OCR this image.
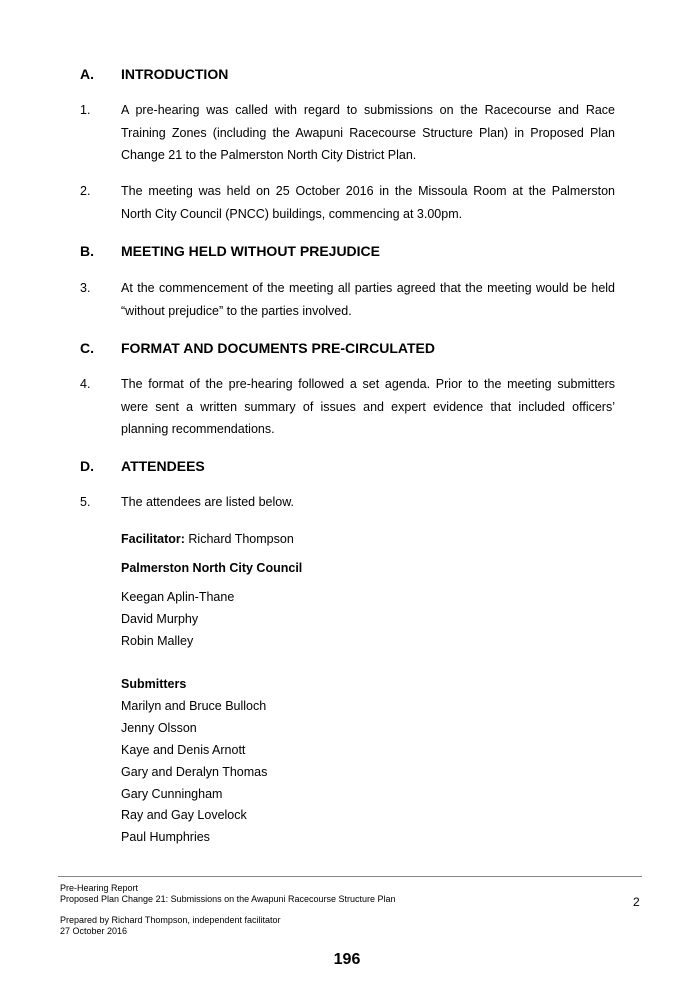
A. INTRODUCTION
1. A pre-hearing was called with regard to submissions on the Racecourse and Race Training Zones (including the Awapuni Racecourse Structure Plan) in Proposed Plan Change 21 to the Palmerston North City District Plan.
2. The meeting was held on 25 October 2016 in the Missoula Room at the Palmerston North City Council (PNCC) buildings, commencing at 3.00pm.
B. MEETING HELD WITHOUT PREJUDICE
3. At the commencement of the meeting all parties agreed that the meeting would be held “without prejudice” to the parties involved.
C. FORMAT AND DOCUMENTS PRE-CIRCULATED
4. The format of the pre-hearing followed a set agenda. Prior to the meeting submitters were sent a written summary of issues and expert evidence that included officers’ planning recommendations.
D. ATTENDEES
5. The attendees are listed below.
Facilitator: Richard Thompson
Palmerston North City Council
Keegan Aplin-Thane
David Murphy
Robin Malley
Submitters
Marilyn and Bruce Bulloch
Jenny Olsson
Kaye and Denis Arnott
Gary and Deralyn Thomas
Gary Cunningham
Ray and Gay Lovelock
Paul Humphries
Pre-Hearing Report
Proposed Plan Change 21: Submissions on the Awapuni Racecourse Structure Plan
Prepared by Richard Thompson, independent facilitator
27 October 2016
2
196
